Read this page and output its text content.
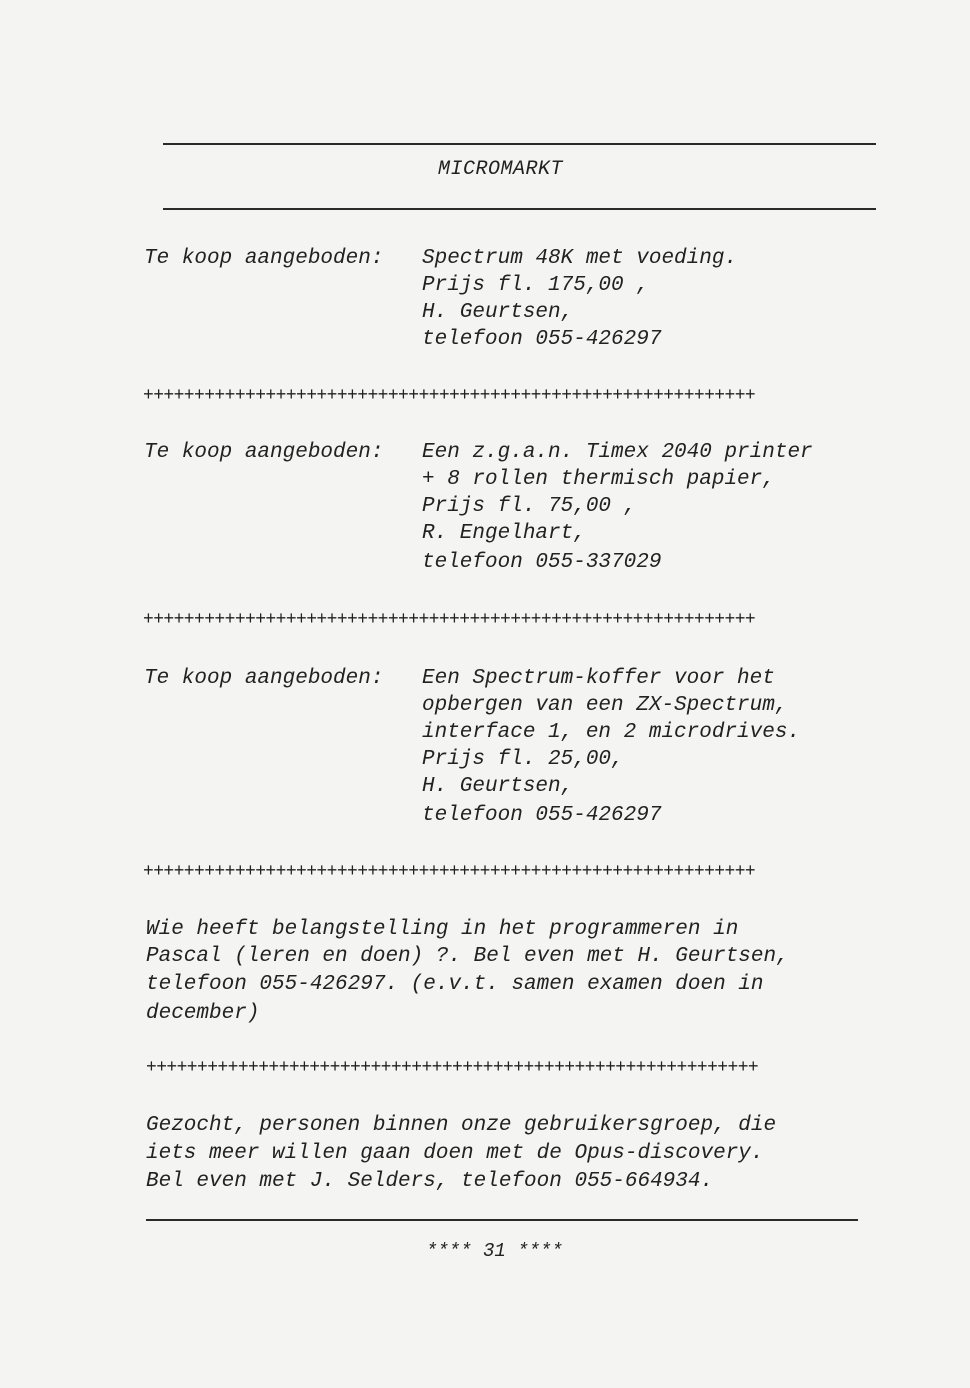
MICROMARKT
Te koop aangeboden: Spectrum 48K met voeding.
Prijs fl. 175,00 ,
H. Geurtsen,
telefoon 055-426297
++++++++++++++++++++++++++++++++++++++++++++++++++++++++++++
Te koop aangeboden: Een z.g.a.n. Timex 2040 printer
+ 8 rollen thermisch papier,
Prijs fl. 75,00 ,
R. Engelhart,
telefoon 055-337029
++++++++++++++++++++++++++++++++++++++++++++++++++++++++++++
Te koop aangeboden: Een Spectrum-koffer voor het
opbergen van een ZX-Spectrum,
interface 1, en 2 microdrives.
Prijs fl. 25,00,
H. Geurtsen,
telefoon 055-426297
++++++++++++++++++++++++++++++++++++++++++++++++++++++++++++
Wie heeft belangstelling in het programmeren in
Pascal (leren en doen) ?. Bel even met H. Geurtsen,
telefoon 055-426297. (e.v.t. samen examen doen in
december)
++++++++++++++++++++++++++++++++++++++++++++++++++++++++++++
Gezocht, personen binnen onze gebruikersgroep, die
iets meer willen gaan doen met de Opus-discovery.
Bel even met J. Selders, telefoon 055-664934.
**** 31 ****
